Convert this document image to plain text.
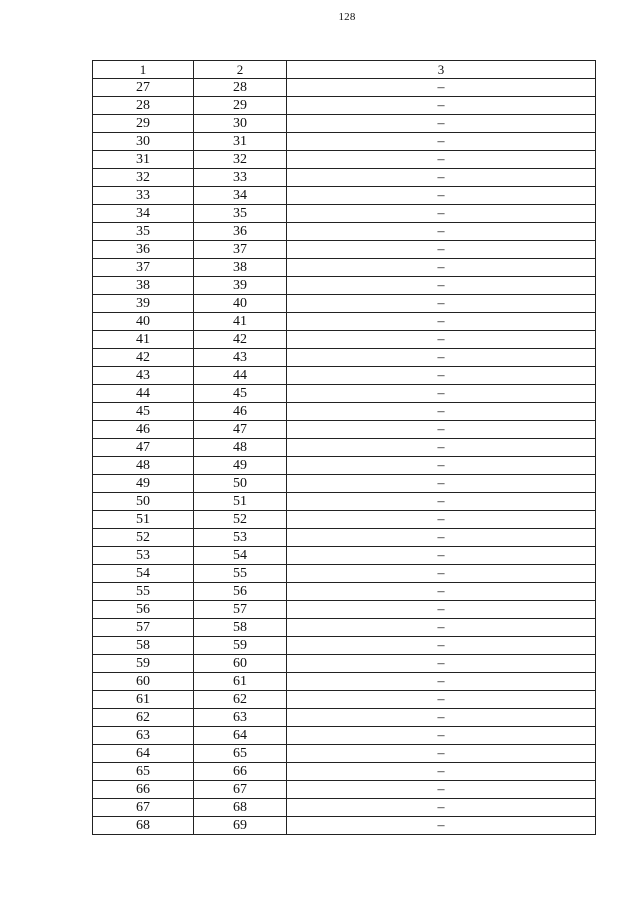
128
1	2	3
27	28	–
28	29	–
29	30	–
30	31	–
31	32	–
32	33	–
33	34	–
34	35	–
35	36	–
36	37	–
37	38	–
38	39	–
39	40	–
40	41	–
41	42	–
42	43	–
43	44	–
44	45	–
45	46	–
46	47	–
47	48	–
48	49	–
49	50	–
50	51	–
51	52	–
52	53	–
53	54	–
54	55	–
55	56	–
56	57	–
57	58	–
58	59	–
59	60	–
60	61	–
61	62	–
62	63	–
63	64	–
64	65	–
65	66	–
66	67	–
67	68	–
68	69	–
